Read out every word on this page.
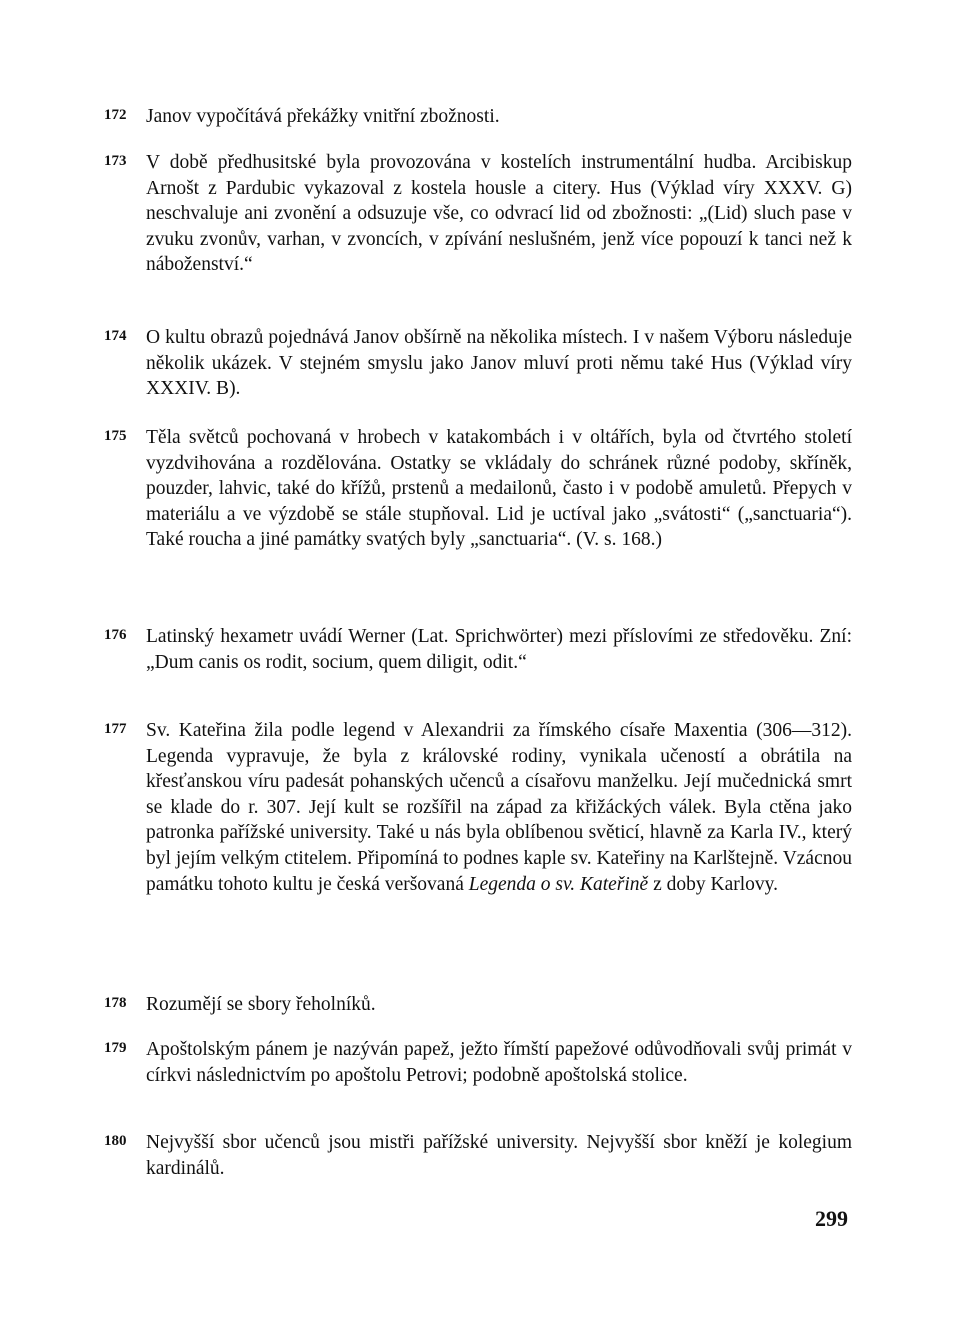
172 Janov vypočítává překážky vnitřní zbožnosti.
173 V době předhusitské byla provozována v kostelích instrumentální hudba. Arcibiskup Arnošt z Pardubic vykazoval z kostela housle a citery. Hus (Výklad víry XXXV. G) neschvaluje ani zvonění a odsuzuje vše, co odvrací lid od zbožnosti: „(Lid) sluch pase v zvuku zvonův, varhan, v zvoncích, v zpívání neslušném, jenž více popouzí k tanci než k náboženství.“
174 O kultu obrazů pojednává Janov obšírně na několika místech. I v našem Výboru následuje několik ukázek. V stejném smyslu jako Janov mluví proti němu také Hus (Výklad víry XXXIV. B).
175 Těla světců pochovaná v hrobech v katakombách i v oltářích, byla od čtvrtého století vyzdvihována a rozdělována. Ostatky se vkládaly do schránek různé podoby, skříněk, pouzder, lahvic, také do křížů, prstenů a medailonů, často i v podobě amuletů. Přepych v materiálu a ve výzdobě se stále stupňoval. Lid je uctíval jako „svátosti“ („sanctuaria“). Také roucha a jiné památky svatých byly „sanctuaria“. (V. s. 168.)
176 Latinský hexametr uvádí Werner (Lat. Sprichwörter) mezi příslovími ze středověku. Zní: „Dum canis os rodit, socium, quem diligit, odit.“
177 Sv. Kateřina žila podle legend v Alexandrii za římského císaře Maxentia (306—312). Legenda vypravuje, že byla z královské rodiny, vynikala učeností a obrátila na křesťanskou víru padesát pohanských učenců a císařovu manželku. Její mučednická smrt se klade do r. 307. Její kult se rozšířil na západ za křižáckých válek. Byla ctěna jako patronka pařížské university. Také u nás byla oblíbenou světicí, hlavně za Karla IV., který byl jejím velkým ctitelem. Připomíná to podnes kaple sv. Kateřiny na Karlštejně. Vzácnou památku tohoto kultu je česká veršovaná Legenda o sv. Kateřině z doby Karlovy.
178 Rozumějí se sbory řeholníků.
179 Apoštolským pánem je nazýván papež, ježto římští papežové odůvodňovali svůj primát v církvi následnictvím po apoštolu Petrovi; podobně apoštolská stolice.
180 Nejvyšší sbor učenců jsou mistři pařížské university. Nejvyšší sbor kněží je kolegium kardinálů.
299
